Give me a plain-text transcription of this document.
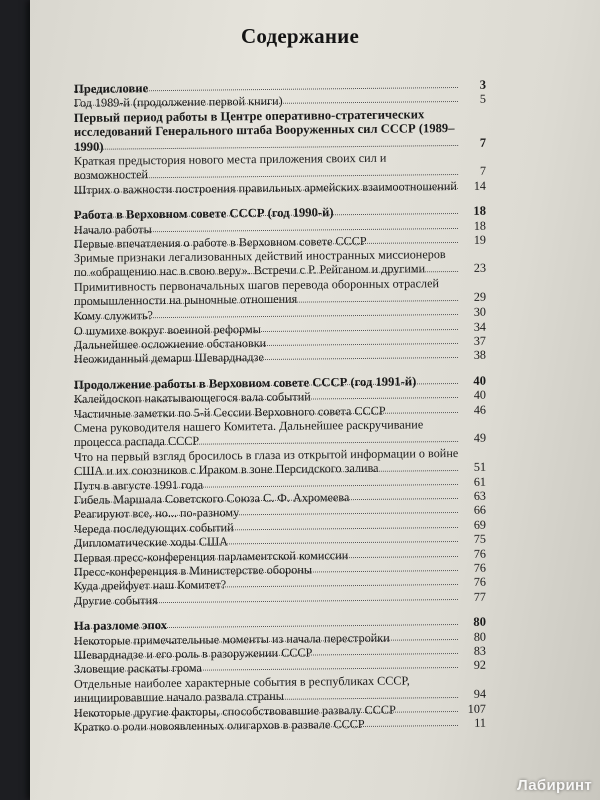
Содержание
Предисловие	3
Год 1989-й (продолжение первой книги)	5
Первый период работы в Центре оперативно-стратегических исследований Генерального штаба Вооруженных сил СССР (1989–1990)	7
Краткая предыстория нового места приложения своих сил и возможностей	7
Штрих о важности построения правильных армейских взаимоотношений	14
Работа в Верховном совете СССР (год 1990-й)	18
Начало работы	18
Первые впечатления о работе в Верховном совете СССР	19
Зримые признаки легализованных действий иностранных миссионеров по «обращению нас в свою веру». Встречи с Р. Рейганом и другими	23
Примитивность первоначальных шагов перевода оборонных отраслей промышленности на рыночные отношения	29
Кому служить?	30
О шумихе вокруг военной реформы	34
Дальнейшее осложнение обстановки	37
Неожиданный демарш Шеварднадзе	38
Продолжение работы в Верховном совете СССР (год 1991-й)	40
Калейдоскоп накатывающегося вала событий	40
Частичные заметки по 5-й Сессии Верховного совета СССР	46
Смена руководителя нашего Комитета. Дальнейшее раскручивание процесса распада СССР	49
Что на первый взгляд бросилось в глаза из открытой информации о войне США и их союзников с Ираком в зоне Персидского залива	51
Путч в августе 1991 года	61
Гибель Маршала Советского Союза С. Ф. Ахромеева	63
Реагируют все, но... по-разному	66
Череда последующих событий	69
Дипломатические ходы США	75
Первая пресс-конференция парламентской комиссии	76
Пресс-конференция в Министерстве обороны	76
Куда дрейфует наш Комитет?	76
Другие события	77
На разломе эпох	80
Некоторые примечательные моменты из начала перестройки	80
Шеварднадзе и его роль в разоружении СССР	83
Зловещие раскаты грома	92
Отдельные наиболее характерные события в республиках СССР, инициировавшие начало развала страны	94
Некоторые другие факторы, способствовавшие развалу СССР	107
Кратко о роли новоявленных олигархов в развале СССР	11
Лабиринт
